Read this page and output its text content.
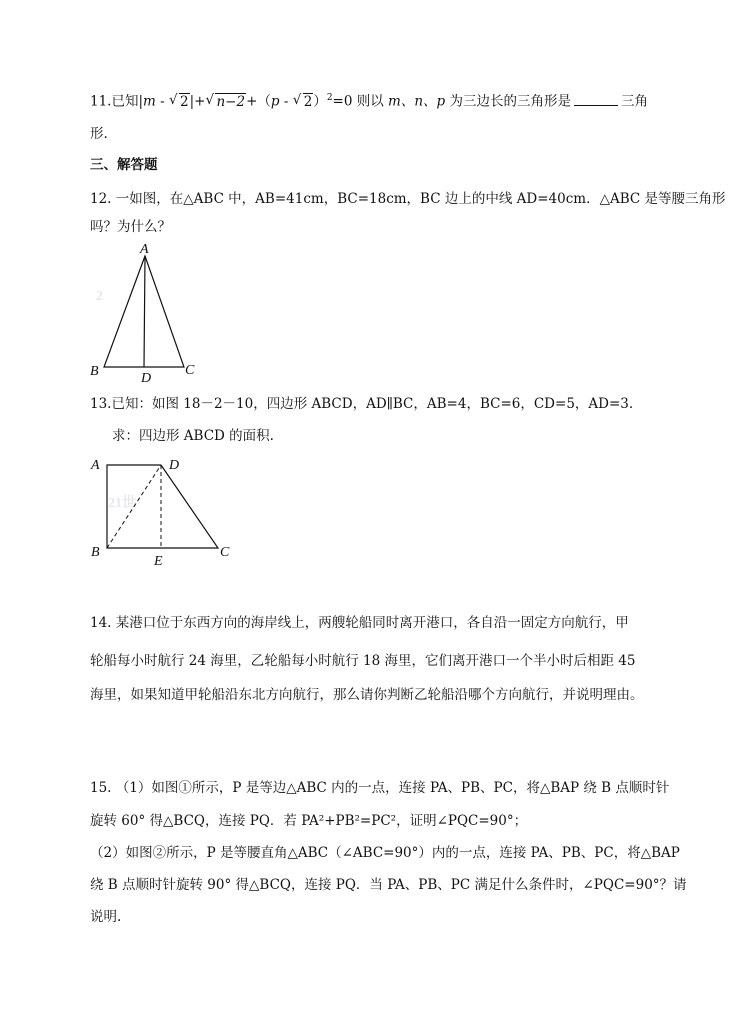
11.已知|m - √ 2|+ √ n−2+（p - √ 2）$^2$=0 则以 m、n、p 为三边长的三角形是	三角
形.
三、解答题
12. 一如图，在△ABC 中，AB=41cm，BC=18cm，BC 边上的中线 AD=40cm．△ABC 是等腰三角形
吗？为什么？
2
A
B	C
D
13.已知：如图 18－2－10，四边形 ABCD，AD∥BC，AB=4，BC=6，CD=5，AD=3.
求：四边形 ABCD 的面积.
21世
A	D
B	C
E
14. 某港口位于东西方向的海岸线上，两艘轮船同时离开港口，各自沿一固定方向航行，甲
轮船每小时航行 24 海里，乙轮船每小时航行 18 海里，它们离开港口一个半小时后相距 45
海里，如果知道甲轮船沿东北方向航行，那么请你判断乙轮船沿哪个方向航行，并说明理由。
15. （1）如图①所示，P 是等边△ABC 内的一点，连接 PA、PB、PC，将△BAP 绕 B 点顺时针
旋转 60° 得△BCQ，连接 PQ．若 PA²+PB²=PC²，证明∠PQC=90°；
（2）如图②所示，P 是等腰直角△ABC（∠ABC=90°）内的一点，连接 PA、PB、PC，将△BAP
绕 B 点顺时针旋转 90° 得△BCQ，连接 PQ．当 PA、PB、PC 满足什么条件时，∠PQC=90°？请
说明.
